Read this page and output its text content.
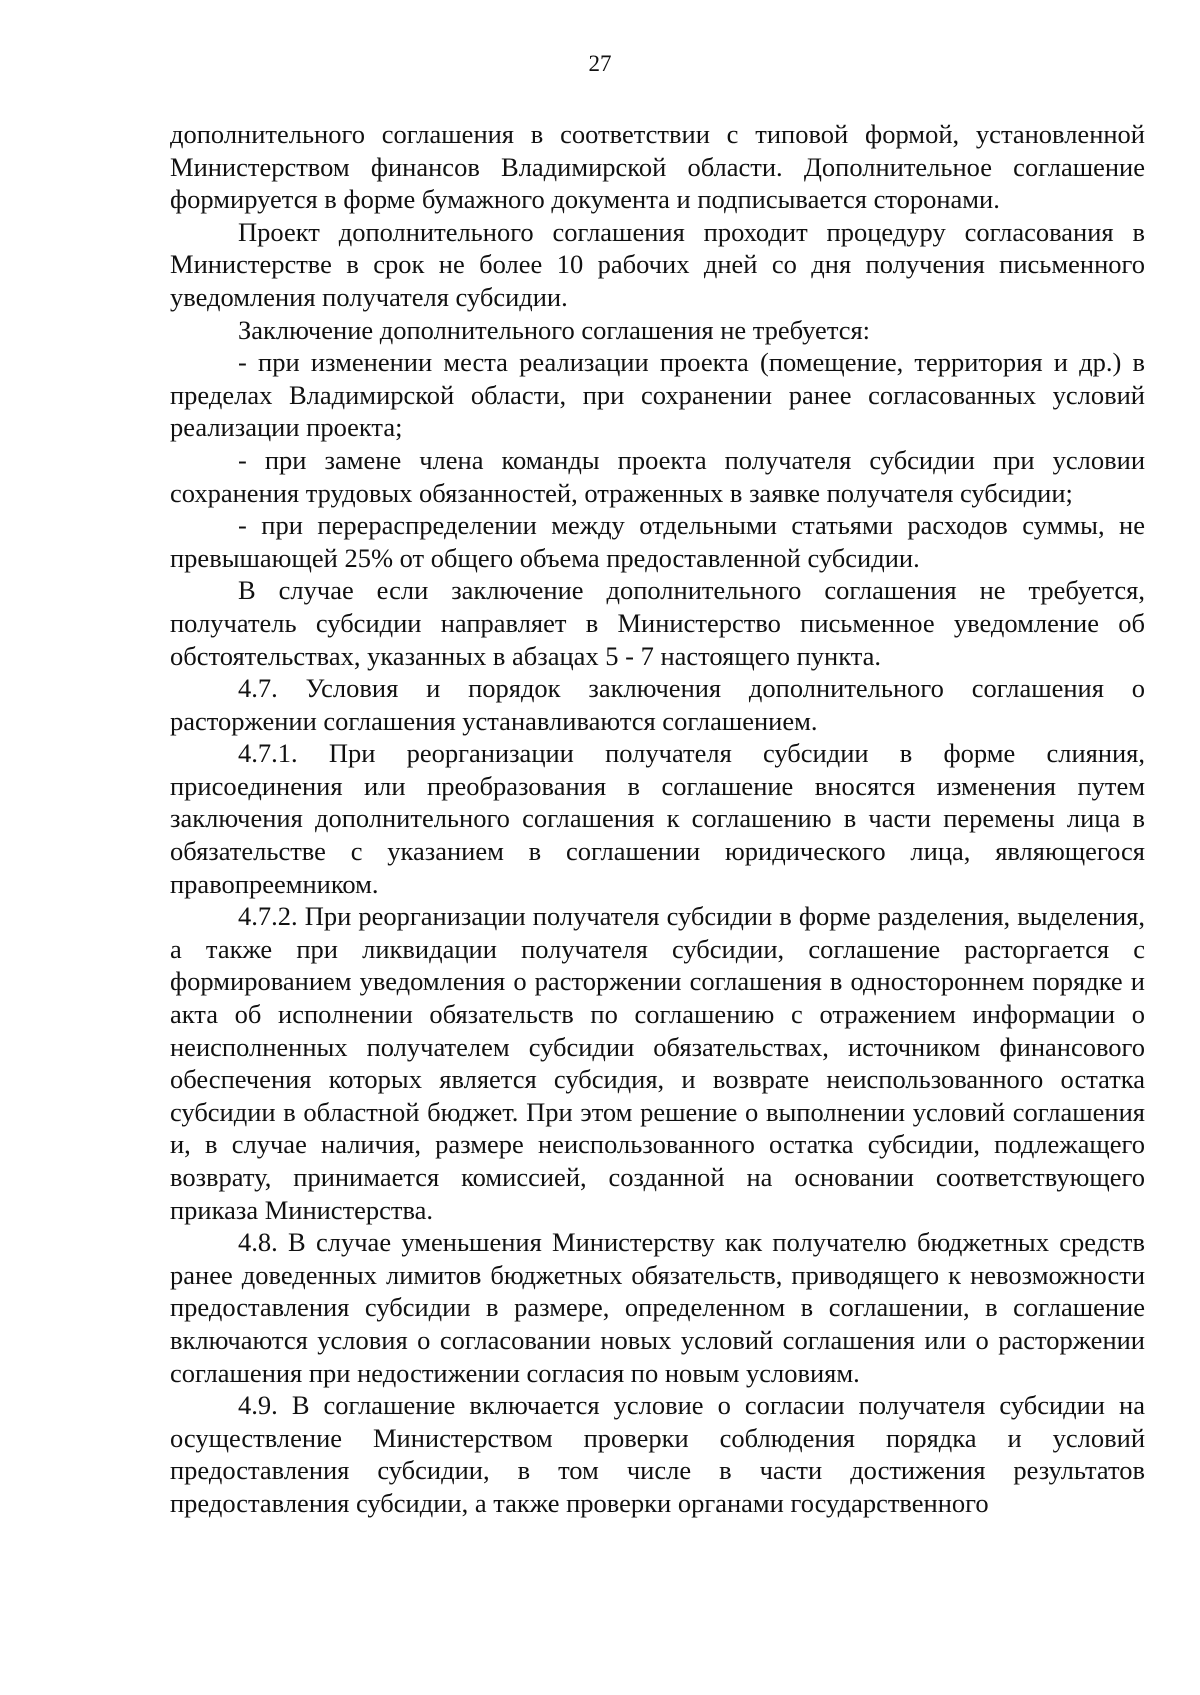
27

дополнительного соглашения в соответствии с типовой формой, установленной Министерством финансов Владимирской области. Дополнительное соглашение формируется в форме бумажного документа и подписывается сторонами.

Проект дополнительного соглашения проходит процедуру согласования в Министерстве в срок не более 10 рабочих дней со дня получения письменного уведомления получателя субсидии.

Заключение дополнительного соглашения не требуется:

- при изменении места реализации проекта (помещение, территория и др.) в пределах Владимирской области, при сохранении ранее согласованных условий реализации проекта;

- при замене члена команды проекта получателя субсидии при условии сохранения трудовых обязанностей, отраженных в заявке получателя субсидии;

- при перераспределении между отдельными статьями расходов суммы, не превышающей 25% от общего объема предоставленной субсидии.

В случае если заключение дополнительного соглашения не требуется, получатель субсидии направляет в Министерство письменное уведомление об обстоятельствах, указанных в абзацах 5 - 7 настоящего пункта.

4.7. Условия и порядок заключения дополнительного соглашения о расторжении соглашения устанавливаются соглашением.

4.7.1. При реорганизации получателя субсидии в форме слияния, присоединения или преобразования в соглашение вносятся изменения путем заключения дополнительного соглашения к соглашению в части перемены лица в обязательстве с указанием в соглашении юридического лица, являющегося правопреемником.

4.7.2. При реорганизации получателя субсидии в форме разделения, выделения, а также при ликвидации получателя субсидии, соглашение расторгается с формированием уведомления о расторжении соглашения в одностороннем порядке и акта об исполнении обязательств по соглашению с отражением информации о неисполненных получателем субсидии обязательствах, источником финансового обеспечения которых является субсидия, и возврате неиспользованного остатка субсидии в областной бюджет. При этом решение о выполнении условий соглашения и, в случае наличия, размере неиспользованного остатка субсидии, подлежащего возврату, принимается комиссией, созданной на основании соответствующего приказа Министерства.

4.8. В случае уменьшения Министерству как получателю бюджетных средств ранее доведенных лимитов бюджетных обязательств, приводящего к невозможности предоставления субсидии в размере, определенном в соглашении, в соглашение включаются условия о согласовании новых условий соглашения или о расторжении соглашения при недостижении согласия по новым условиям.

4.9. В соглашение включается условие о согласии получателя субсидии на осуществление Министерством проверки соблюдения порядка и условий предоставления субсидии, в том числе в части достижения результатов предоставления субсидии, а также проверки органами государственного
